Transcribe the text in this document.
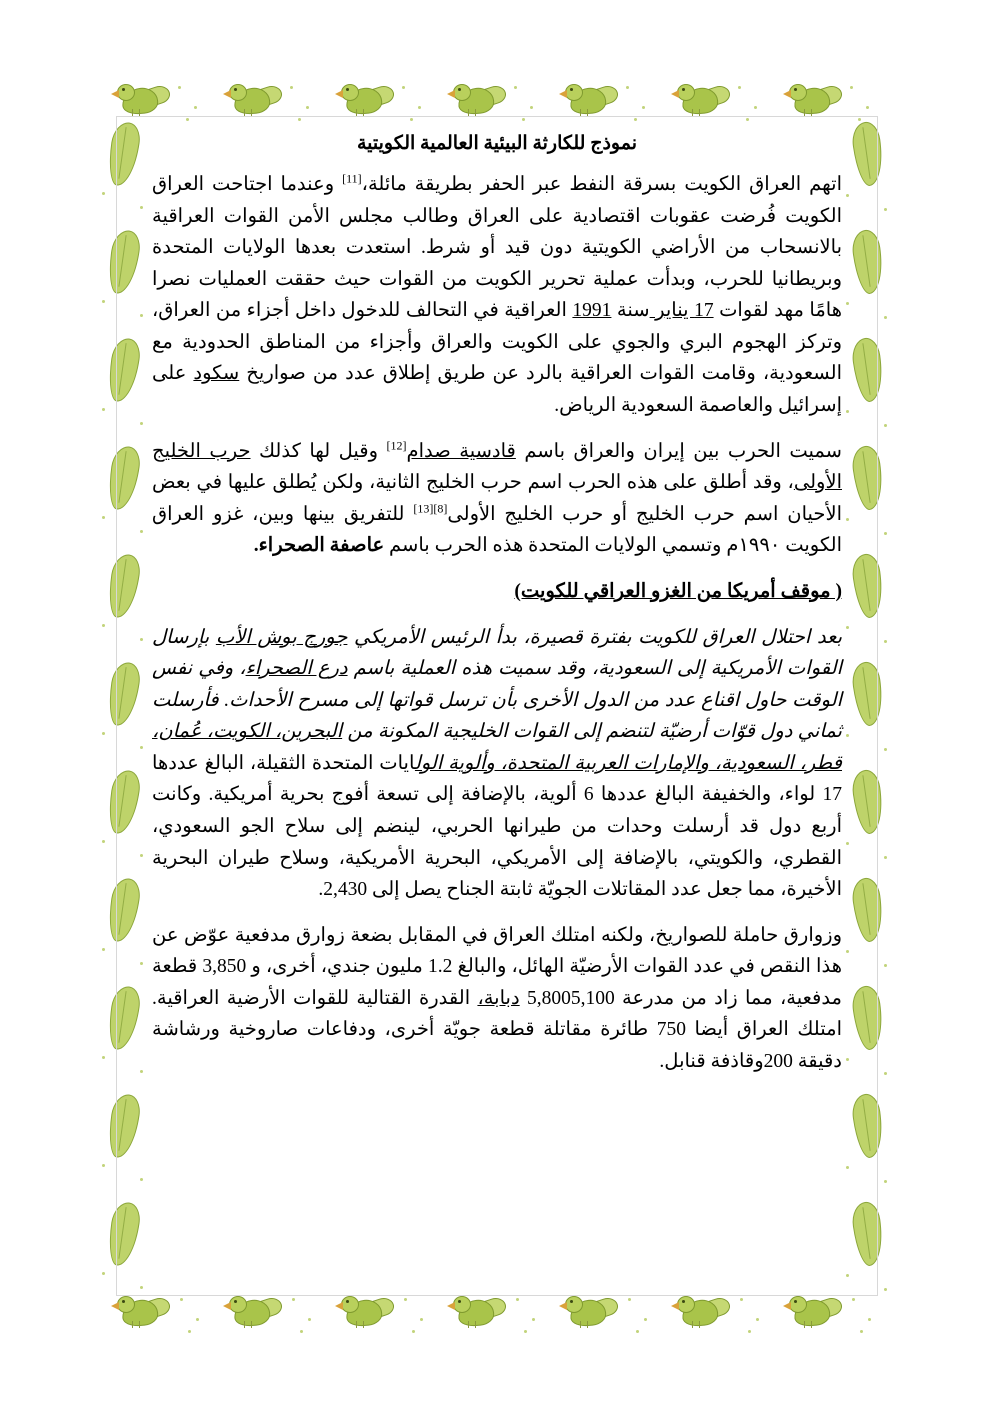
نموذج للكارثة البيئية العالمية الكويتية

اتهم العراق الكويت بسرقة النفط عبر الحفر بطريقة مائلة،[11] وعندما اجتاحت العراق الكويت فُرضت عقوبات اقتصادية على العراق وطالب مجلس الأمن القوات العراقية بالانسحاب من الأراضي الكويتية دون قيد أو شرط. استعدت بعدها الولايات المتحدة وبريطانيا للحرب، وبدأت عملية تحرير الكويت من القوات حيث حققت العمليات نصرا هامًا مهد لقوات 17 يناير سنة 1991 العراقية في التحالف للدخول داخل أجزاء من العراق، وتركز الهجوم البري والجوي على الكويت والعراق وأجزاء من المناطق الحدودية مع السعودية، وقامت القوات العراقية بالرد عن طريق إطلاق عدد من صواريخ سكود على إسرائيل والعاصمة السعودية الرياض.

سميت الحرب بين إيران والعراق باسم قادسية صدام[12] وقيل لها كذلك حرب الخليج الأولى، وقد أطلق على هذه الحرب اسم حرب الخليج الثانية، ولكن يُطلق عليها في بعض الأحيان اسم حرب الخليج أو حرب الخليج الأولى[8][13] للتفريق بينها وبين، غزو العراق الكويت ١٩٩٠م وتسمي الولايات المتحدة هذه الحرب باسم عاصفة الصحراء.

( موقف أمريكا من الغزو العراقي للكويت)

بعد احتلال العراق للكويت بفترة قصيرة، بدأ الرئيس الأمريكي جورج بوش الأب بإرسال القوات الأمريكية إلى السعودية، وقد سميت هذه العملية باسم درع الصحراء، وفي نفس الوقت حاول اقناع عدد من الدول الأخرى بأن ترسل قواتها إلى مسرح الأحداث. فأرسلت ثماني دول قوّات أرضيّة لتنضم إلى القوات الخليجية المكونة من البحرين، الكويت، عُمان، قطر، السعودية، والإمارات العربية المتحدة، وألوية الولايات المتحدة الثقيلة، البالغ عددها 17 لواء، والخفيفة البالغ عددها 6 ألوية، بالإضافة إلى تسعة أفوج بحرية أمريكية. وكانت أربع دول قد أرسلت وحدات من طيرانها الحربي، لينضم إلى سلاح الجو السعودي، القطري، والكويتي، بالإضافة إلى الأمريكي، البحرية الأمريكية، وسلاح طيران البحرية الأخيرة، مما جعل عدد المقاتلات الجويّة ثابتة الجناح يصل إلى 2,430.

وزوارق حاملة للصواريخ، ولكنه امتلك العراق في المقابل بضعة زوارق مدفعية عوّض عن هذا النقص في عدد القوات الأرضيّة الهائل، والبالغ 1.2 مليون جندي، أخرى، و 3,850 قطعة مدفعية، مما زاد من مدرعة 5,8005,100 دبابة، القدرة القتالية للقوات الأرضية العراقية. امتلك العراق أيضا 750 طائرة مقاتلة قطعة جويّة أخرى، ودفاعات صاروخية ورشاشة دقيقة 200وقاذفة قنابل.
